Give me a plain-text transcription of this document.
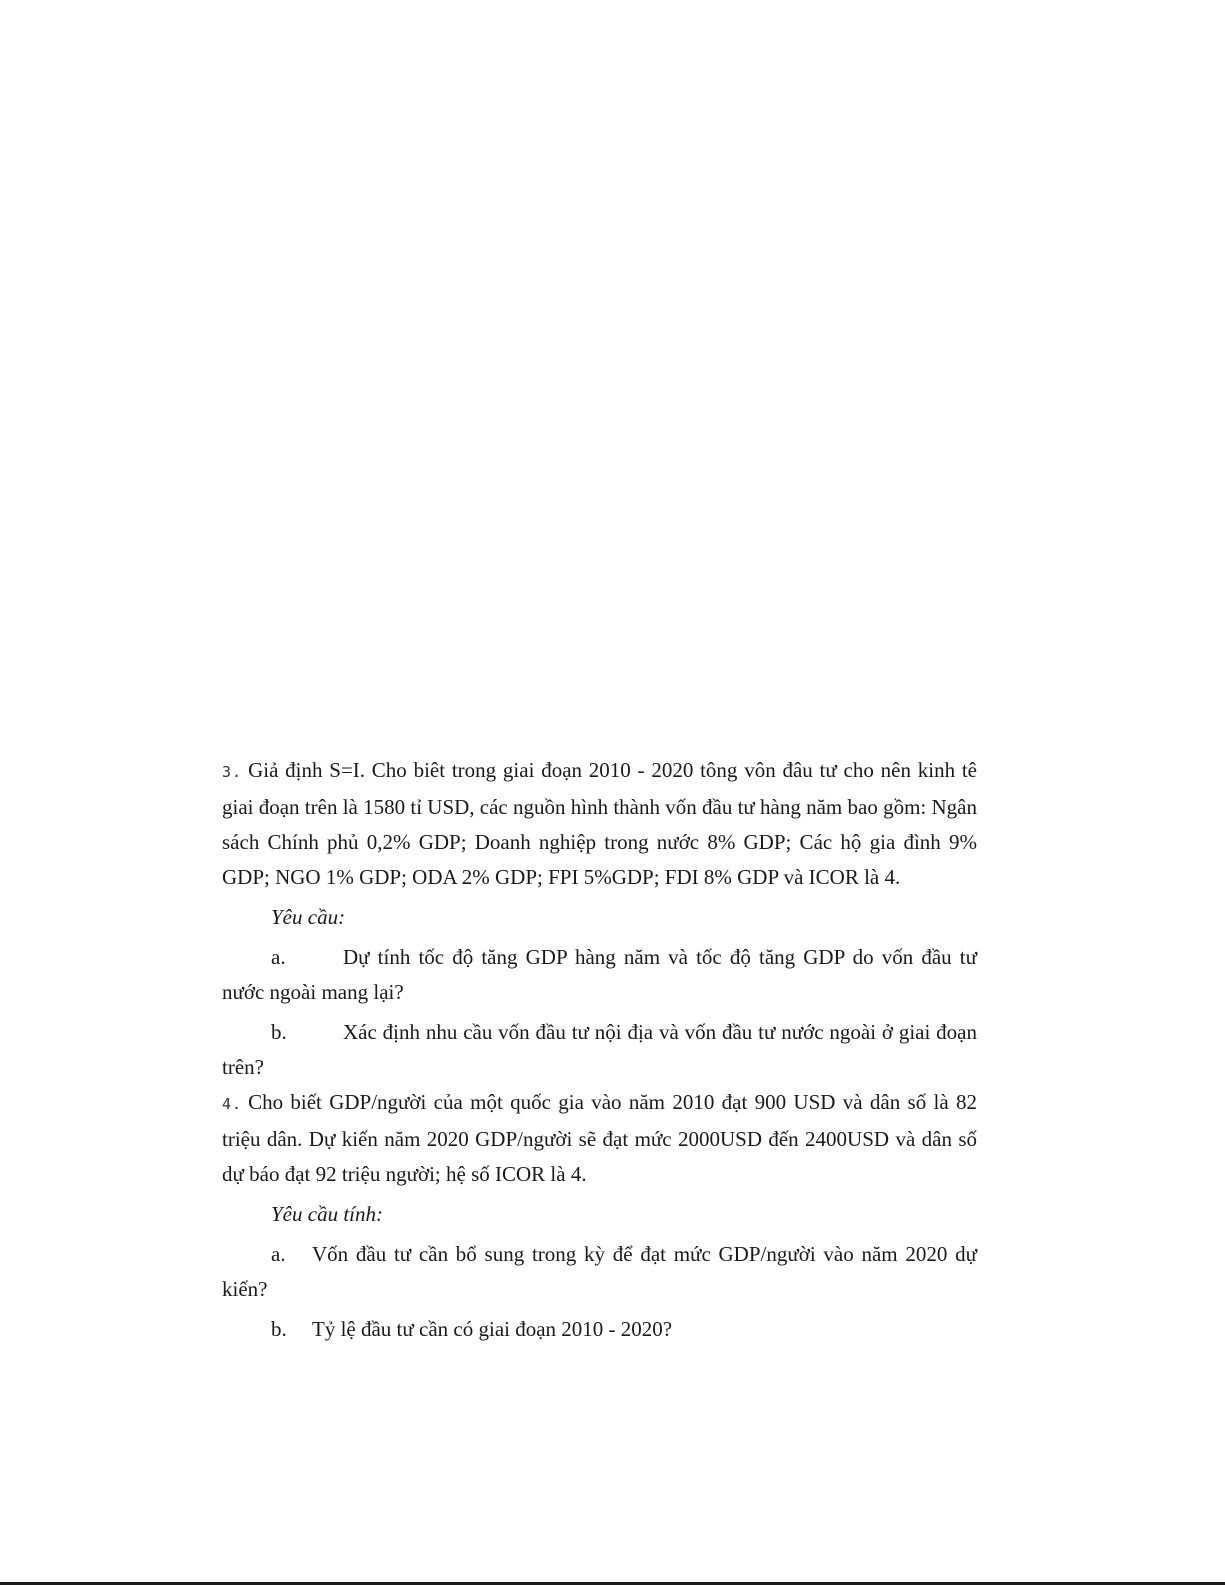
3. Giả định S=I. Cho biêt trong giai đoạn 2010 - 2020 tông vôn đâu tư cho nên kinh tê giai đoạn trên là 1580 tỉ USD, các nguồn hình thành vốn đầu tư hàng năm bao gồm: Ngân sách Chính phủ 0,2% GDP; Doanh nghiệp trong nước 8% GDP; Các hộ gia đình 9% GDP; NGO 1% GDP; ODA 2% GDP; FPI 5%GDP; FDI 8% GDP và ICOR là 4.

Yêu cầu:

a.	Dự tính tốc độ tăng GDP hàng năm và tốc độ tăng GDP do vốn đầu tư nước ngoài mang lại?

b.	Xác định nhu cầu vốn đầu tư nội địa và vốn đầu tư nước ngoài ở giai đoạn trên?

4. Cho biết GDP/người của một quốc gia vào năm 2010 đạt 900 USD và dân số là 82 triệu dân. Dự kiến năm 2020 GDP/người sẽ đạt mức 2000USD đến 2400USD và dân số dự báo đạt 92 triệu người; hệ số ICOR là 4.

Yêu cầu tính:

a. Vốn đầu tư cần bổ sung trong kỳ để đạt mức GDP/người vào năm 2020 dự kiến?

b. Tỷ lệ đầu tư cần có giai đoạn 2010 - 2020?
